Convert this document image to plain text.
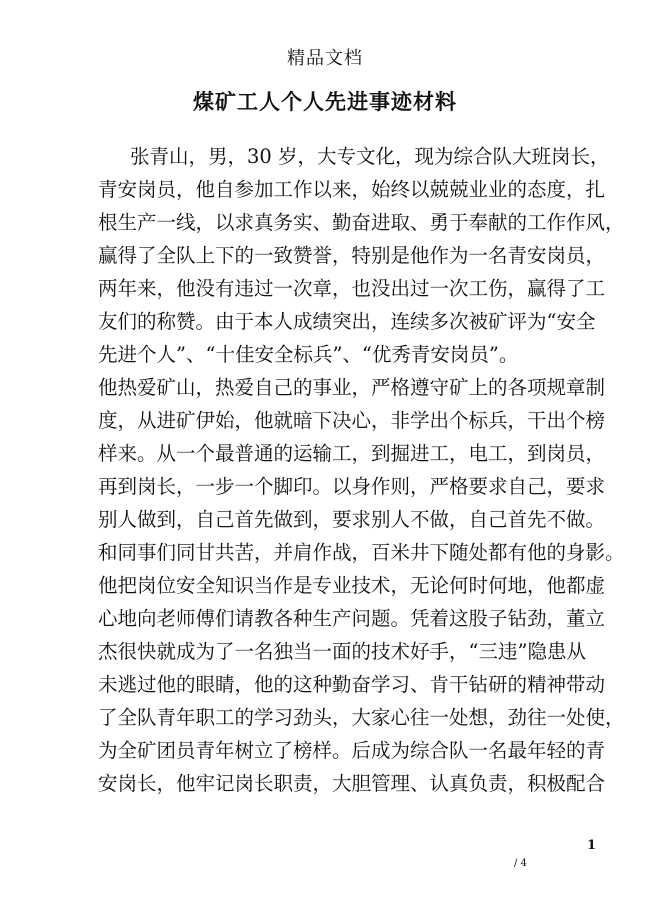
精品文档
煤矿工人个人先进事迹材料
张青山，男，30 岁，大专文化，现为综合队大班岗长，
青安岗员，他自参加工作以来，始终以兢兢业业的态度，扎
根生产一线，以求真务实、勤奋进取、勇于奉献的工作作风，
赢得了全队上下的一致赞誉，特别是他作为一名青安岗员，
两年来，他没有违过一次章，也没出过一次工伤，赢得了工
友们的称赞。由于本人成绩突出，连续多次被矿评为“安全
先进个人”、“十佳安全标兵”、“优秀青安岗员”。
他热爱矿山，热爱自己的事业，严格遵守矿上的各项规章制
度，从进矿伊始，他就暗下决心，非学出个标兵，干出个榜
样来。从一个最普通的运输工，到掘进工，电工，到岗员，
再到岗长，一步一个脚印。以身作则，严格要求自己，要求
别人做到，自己首先做到，要求别人不做，自己首先不做。
和同事们同甘共苦，并肩作战，百米井下随处都有他的身影。
他把岗位安全知识当作是专业技术，无论何时何地，他都虚
心地向老师傅们请教各种生产问题。凭着这股子钻劲，董立
杰很快就成为了一名独当一面的技术好手，“三违”隐患从
未逃过他的眼睛，他的这种勤奋学习、肯干钻研的精神带动
了全队青年职工的学习劲头，大家心往一处想，劲往一处使，
为全矿团员青年树立了榜样。后成为综合队一名最年轻的青
安岗长，他牢记岗长职责，大胆管理、认真负责，积极配合
1
/ 4
